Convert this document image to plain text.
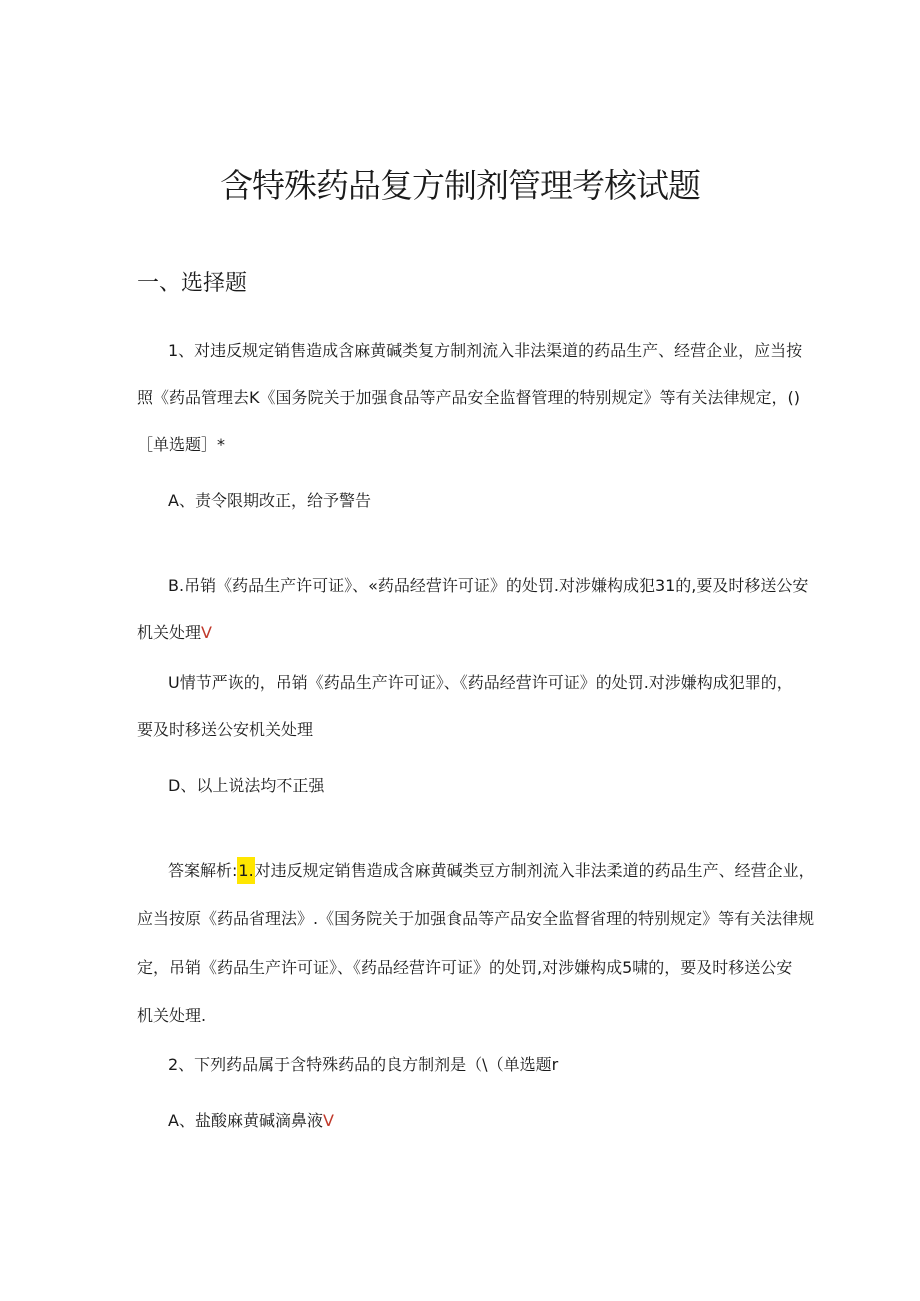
含特殊药品复方制剂管理考核试题
一、选择题
1、对违反规定销售造成含麻黄碱类复方制剂流入非法渠道的药品生产、经营企业，应当按
照《药品管理去K《国务院关于加强食品等产品安全监督管理的特别规定》等有关法律规定，()
［单选题］*
A、责令限期改正，给予警告
B.吊销《药品生产许可证》、«药品经营许可证》的处罚.对涉嫌构成犯31的,要及时移送公安
机关处理V
U情节严诙的，吊销《药品生产许可证》、《药品经营许可证》的处罚.对涉嫌构成犯罪的，
要及时移送公安机关处理
D、以上说法均不正强
答案解析:1.对违反规定销售造成含麻黄碱类豆方制剂流入非法柔道的药品生产、经营企业，
应当按原《药品省理法》.《国务院关于加强食品等产品安全监督省理的特别规定》等有关法律规
定，吊销《药品生产许可证》、《药品经营许可证》的处罚,对涉嫌构成5啸的，要及时移送公安
机关处理.
2、下列药品属于含特殊药品的良方制剂是（\（单选题r
A、盐酸麻黄碱滴鼻液V
